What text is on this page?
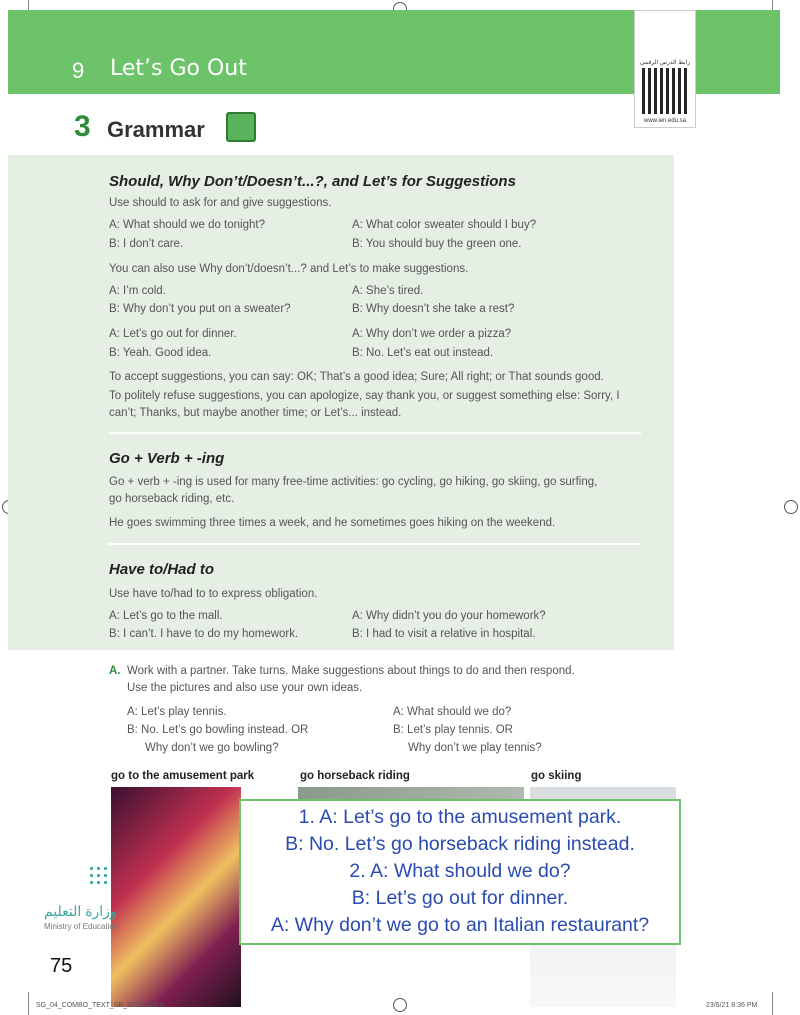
9 Let’s Go Out	رابط الدرس الرقمي
www.ien.edu.sa
3 Grammar
Should, Why Don’t/Doesn’t...?, and Let’s for Suggestions
Use should to ask for and give suggestions.
A: What should we do tonight?
B: I don’t care.
A: What color sweater should I buy?
B: You should buy the green one.
You can also use Why don’t/doesn’t...? and Let’s to make suggestions.
A: I’m cold.
B: Why don’t you put on a sweater?
A: She’s tired.
B: Why doesn’t she take a rest?
A: Let’s go out for dinner.
B: Yeah. Good idea.
A: Why don’t we order a pizza?
B: No. Let’s eat out instead.
To accept suggestions, you can say: OK; That’s a good idea; Sure; All right; or That sounds good.
To politely refuse suggestions, you can apologize, say thank you, or suggest something else: Sorry, I
can’t; Thanks, but maybe another time; or Let’s... instead.
Go + Verb + -ing
Go + verb + -ing is used for many free-time activities: go cycling, go hiking, go skiing, go surfing,
go horseback riding, etc.
He goes swimming three times a week, and he sometimes goes hiking on the weekend.
Have to/Had to
Use have to/had to to express obligation.
A: Let’s go to the mall.
B: I can’t. I have to do my homework.
A: Why didn’t you do your homework?
B: I had to visit a relative in hospital.
A. Work with a partner. Take turns. Make suggestions about things to do and then respond.
Use the pictures and also use your own ideas.
A: Let’s play tennis.
B: No. Let’s go bowling instead. OR
Why don’t we go bowling?
A: What should we do?
B: Let’s play tennis. OR
Why don’t we play tennis?
go to the amusement park	go horseback riding	go skiing
1. A: Let’s go to the amusement park.
B: No. Let’s go horseback riding instead.
2. A: What should we do?
B: Let’s go out for dinner.
A: Why don’t we go to an Italian restaurant?
وزارة التعليم
Ministry of Education
75
SG_04_COMBO_TEXT_SB_2021.indd 4	23/6/21 8:36 PM
